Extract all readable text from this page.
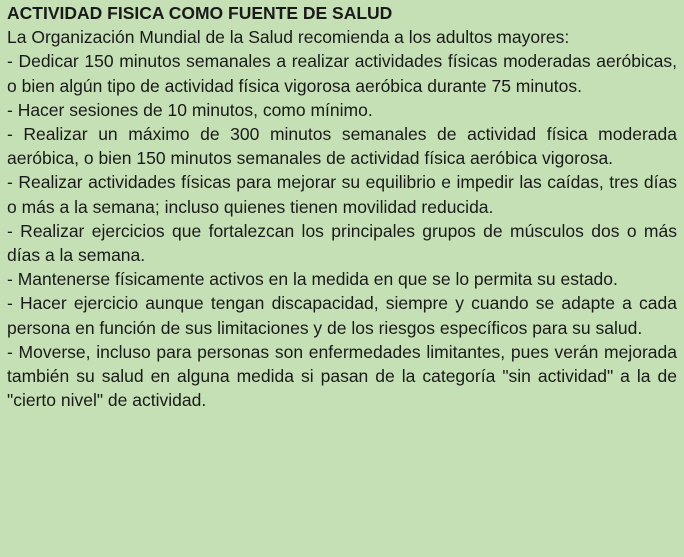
ACTIVIDAD FISICA COMO FUENTE DE SALUD

La Organización Mundial de la Salud recomienda a los adultos mayores:

- Dedicar 150 minutos semanales a realizar actividades físicas moderadas aeróbicas, o bien algún tipo de actividad física vigorosa aeróbica durante 75 minutos.

- Hacer sesiones de 10 minutos, como mínimo.

- Realizar un máximo de 300 minutos semanales de actividad física moderada aeróbica, o bien 150 minutos semanales de actividad física aeróbica vigorosa.

- Realizar actividades físicas para mejorar su equilibrio e impedir las caídas, tres días o más a la semana; incluso quienes tienen movilidad reducida.

- Realizar ejercicios que fortalezcan los principales grupos de músculos dos o más días a la semana.

- Mantenerse físicamente activos en la medida en que se lo permita su estado.

- Hacer ejercicio aunque tengan discapacidad, siempre y cuando se adapte a cada persona en función de sus limitaciones y de los riesgos específicos para su salud.

- Moverse, incluso para personas son enfermedades limitantes, pues verán mejorada también su salud en alguna medida si pasan de la categoría "sin actividad" a la de "cierto nivel" de actividad.
